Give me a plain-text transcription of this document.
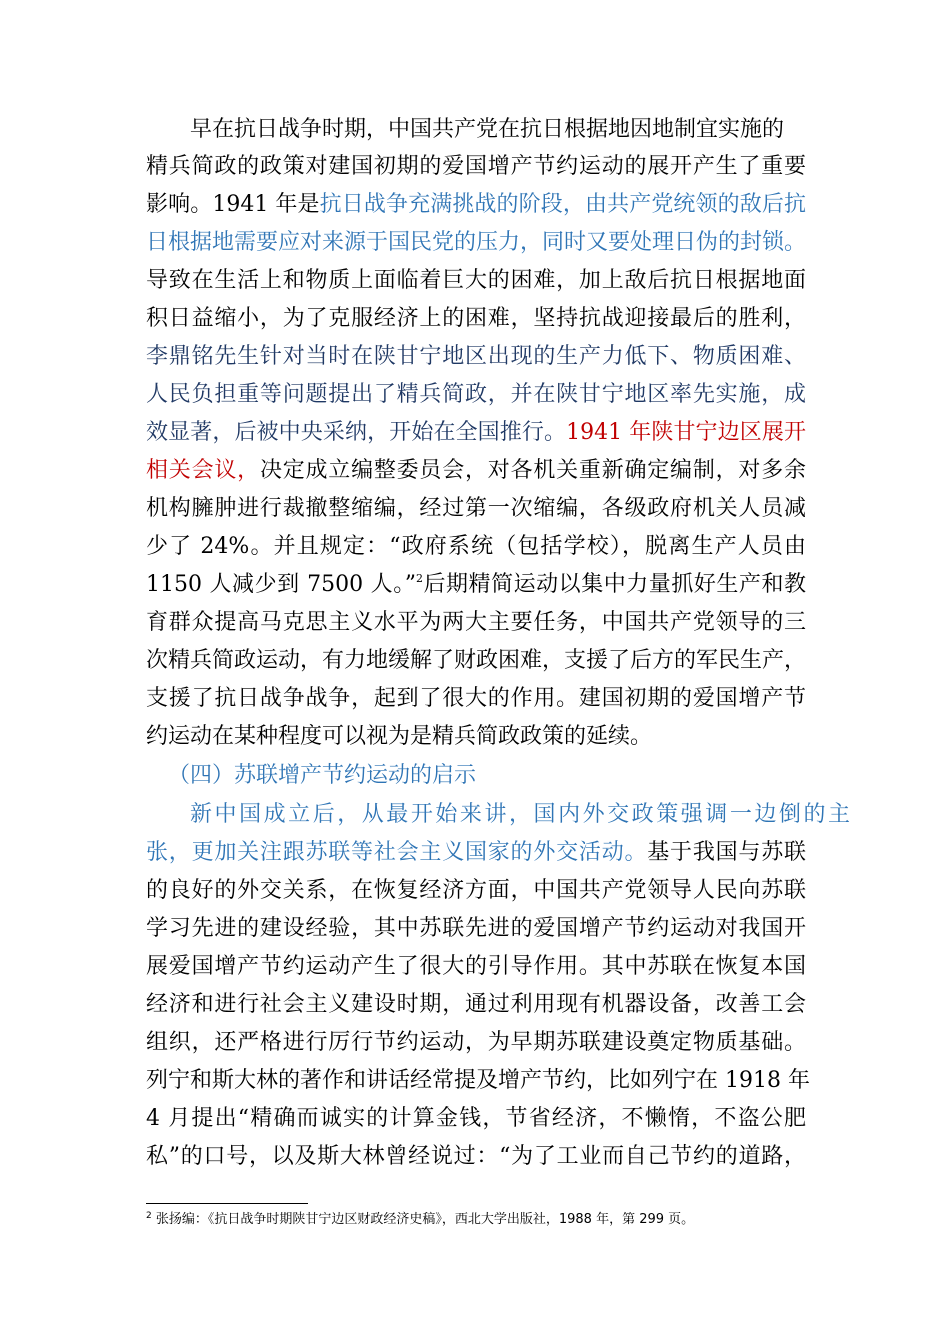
早在抗日战争时期，中国共产党在抗日根据地因地制宜实施的

精兵简政的政策对建国初期的爱国增产节约运动的展开产生了重要

影响。1941 年是抗日战争充满挑战的阶段，由共产党统领的敌后抗

日根据地需要应对来源于国民党的压力，同时又要处理日伪的封锁。

导致在生活上和物质上面临着巨大的困难，加上敌后抗日根据地面

积日益缩小，为了克服经济上的困难，坚持抗战迎接最后的胜利，

李鼎铭先生针对当时在陕甘宁地区出现的生产力低下、物质困难、

人民负担重等问题提出了精兵简政，并在陕甘宁地区率先实施，成

效显著，后被中央采纳，开始在全国推行。1941 年陕甘宁边区展开

相关会议，决定成立编整委员会，对各机关重新确定编制，对多余

机构臃肿进行裁撤整缩编，经过第一次缩编，各级政府机关人员减

少了 24%。并且规定：“政府系统（包括学校），脱离生产人员由

1150 人减少到 7500 人。”$^2$后期精简运动以集中力量抓好生产和教

育群众提高马克思主义水平为两大主要任务，中国共产党领导的三

次精兵简政运动，有力地缓解了财政困难，支援了后方的军民生产，

支援了抗日战争战争，起到了很大的作用。建国初期的爱国增产节

约运动在某种程度可以视为是精兵简政政策的延续。

（四）苏联增产节约运动的启示

新中国成立后，从最开始来讲，国内外交政策强调一边倒的主

张，更加关注跟苏联等社会主义国家的外交活动。基于我国与苏联

的良好的外交关系，在恢复经济方面，中国共产党领导人民向苏联

学习先进的建设经验，其中苏联先进的爱国增产节约运动对我国开

展爱国增产节约运动产生了很大的引导作用。其中苏联在恢复本国

经济和进行社会主义建设时期，通过利用现有机器设备，改善工会

组织，还严格进行厉行节约运动，为早期苏联建设奠定物质基础。

列宁和斯大林的著作和讲话经常提及增产节约，比如列宁在 1918 年

4 月提出“精确而诚实的计算金钱，节省经济，不懒惰，不盗公肥

私”的口号，以及斯大林曾经说过：“为了工业而自己节约的道路，

$^2$ 张扬编：《抗日战争时期陕甘宁边区财政经济史稿》，西北大学出版社，1988 年，第 299 页。
